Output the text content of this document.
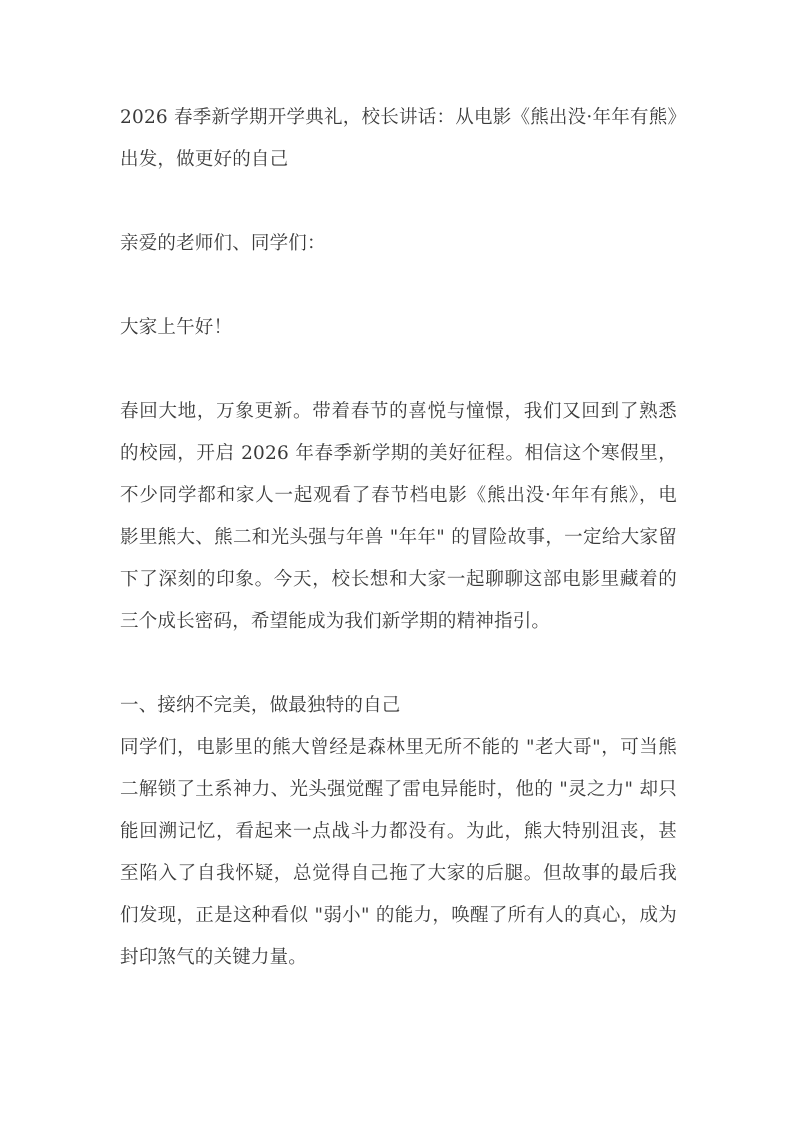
2026 春季新学期开学典礼，校长讲话：从电影《熊出没·年年有熊》出发，做更好的自己

亲爱的老师们、同学们：

大家上午好！

春回大地，万象更新。带着春节的喜悦与憧憬，我们又回到了熟悉的校园，开启 2026 年春季新学期的美好征程。相信这个寒假里，不少同学都和家人一起观看了春节档电影《熊出没·年年有熊》，电影里熊大、熊二和光头强与年兽 "年年" 的冒险故事，一定给大家留下了深刻的印象。今天，校长想和大家一起聊聊这部电影里藏着的三个成长密码，希望能成为我们新学期的精神指引。

一、接纳不完美，做最独特的自己

同学们，电影里的熊大曾经是森林里无所不能的 "老大哥"，可当熊二解锁了土系神力、光头强觉醒了雷电异能时，他的 "灵之力" 却只能回溯记忆，看起来一点战斗力都没有。为此，熊大特别沮丧，甚至陷入了自我怀疑，总觉得自己拖了大家的后腿。但故事的最后我们发现，正是这种看似 "弱小" 的能力，唤醒了所有人的真心，成为封印煞气的关键力量。
